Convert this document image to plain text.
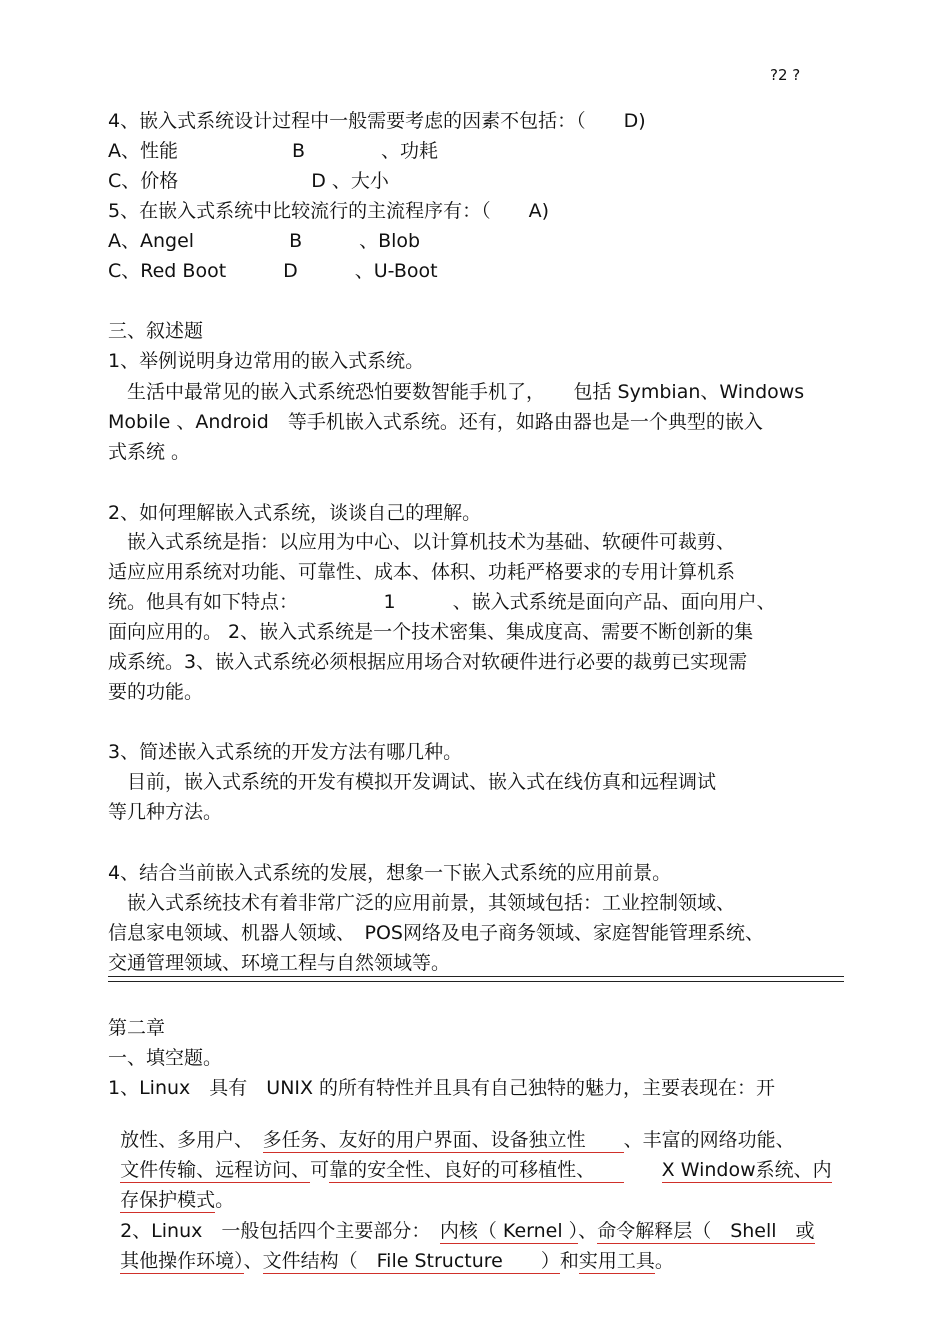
?2 ?
4、嵌入式系统设计过程中一般需要考虑的因素不包括：（　　D)
A、性能　　　　　　B　　　　、功耗
C、价格　　　　　　　D 、大小
5、在嵌入式系统中比较流行的主流程序有：（　　A)
A、Angel　　　　　B　　　、Blob
C、Red Boot　　　D　　　、U-Boot
三、叙述题
1、举例说明身边常用的嵌入式系统。
　生活中最常见的嵌入式系统恐怕要数智能手机了，　　包括 Symbian、Windows
Mobile 、Android　等手机嵌入式系统。还有，如路由器也是一个典型的嵌入
式系统 。
2、如何理解嵌入式系统，谈谈自己的理解。
　嵌入式系统是指：以应用为中心、以计算机技术为基础、软硬件可裁剪、
适应应用系统对功能、可靠性、成本、体积、功耗严格要求的专用计算机系
统。他具有如下特点：　　　　　1　　　、嵌入式系统是面向产品、面向用户、
面向应用的。 2、嵌入式系统是一个技术密集、集成度高、需要不断创新的集
成系统。3、嵌入式系统必须根据应用场合对软硬件进行必要的裁剪已实现需
要的功能。
3、简述嵌入式系统的开发方法有哪几种。
　目前，嵌入式系统的开发有模拟开发调试、嵌入式在线仿真和远程调试
等几种方法。
4、结合当前嵌入式系统的发展，想象一下嵌入式系统的应用前景。
　嵌入式系统技术有着非常广泛的应用前景，其领域包括：工业控制领域、
信息家电领域、机器人领域、　POS网络及电子商务领域、家庭智能管理系统、
交通管理领域、环境工程与自然领域等。
第二章
一、填空题。
1、Linux　具有　UNIX 的所有特性并且具有自己独特的魅力，主要表现在：开

放性、多用户、　多任务、友好的用户界面、设备独立性　　、丰富的网络功能、

文件传输、远程访问、可靠的安全性、良好的可移植性、　　　　X Window系统、内

存保护模式。

2、Linux　一般包括四个主要部分：　内核（ Kernel ）、命令解释层（　Shell　或

其他操作环境）、文件结构（　File Structure　　）和实用工具。
